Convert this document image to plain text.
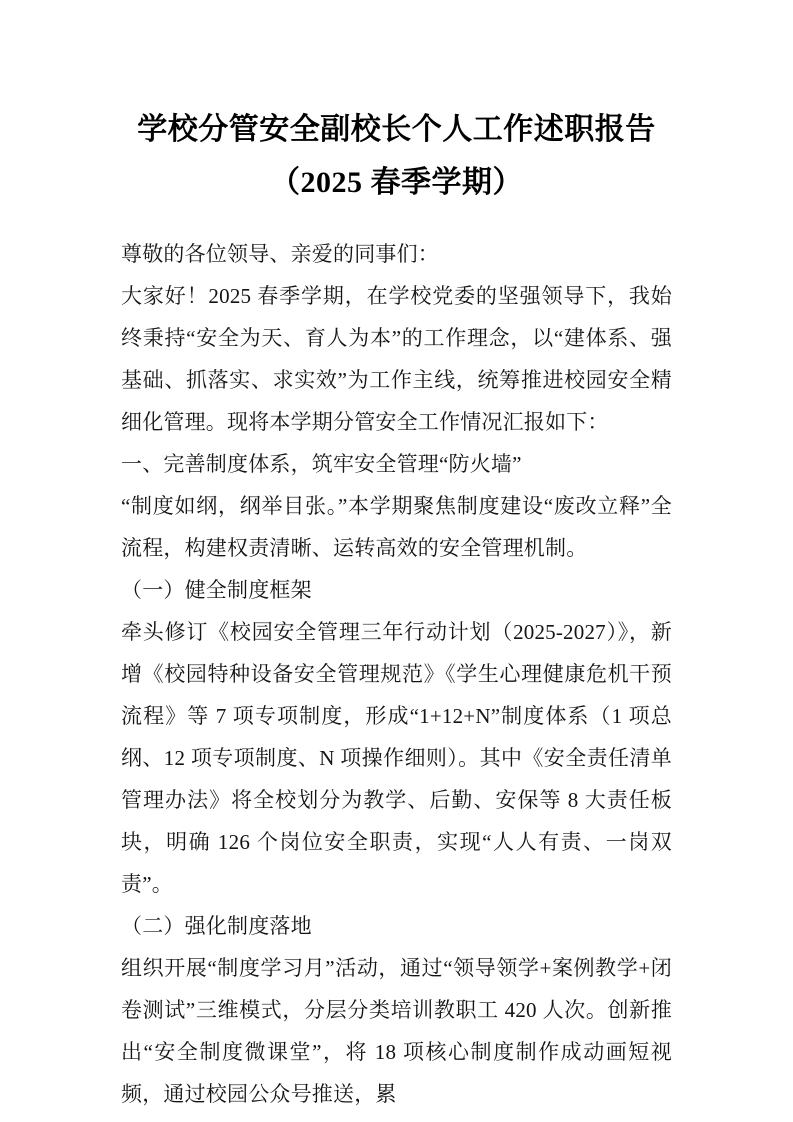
学校分管安全副校长个人工作述职报告
（2025 春季学期）

尊敬的各位领导、亲爱的同事们：

大家好！2025 春季学期，在学校党委的坚强领导下，我始终秉持“安全为天、育人为本”的工作理念，以“建体系、强基础、抓落实、求实效”为工作主线，统筹推进校园安全精细化管理。现将本学期分管安全工作情况汇报如下：

一、完善制度体系，筑牢安全管理“防火墙”

“制度如纲，纲举目张。”本学期聚焦制度建设“废改立释”全流程，构建权责清晰、运转高效的安全管理机制。

（一）健全制度框架

牵头修订《校园安全管理三年行动计划（2025-2027）》，新增《校园特种设备安全管理规范》《学生心理健康危机干预流程》等 7 项专项制度，形成“1+12+N”制度体系（1 项总纲、12 项专项制度、N 项操作细则）。其中《安全责任清单管理办法》将全校划分为教学、后勤、安保等 8 大责任板块，明确 126 个岗位安全职责，实现“人人有责、一岗双责”。

（二）强化制度落地

组织开展“制度学习月”活动，通过“领导领学+案例教学+闭卷测试”三维模式，分层分类培训教职工 420 人次。创新推出“安全制度微课堂”，将 18 项核心制度制作成动画短视频，通过校园公众号推送，累
